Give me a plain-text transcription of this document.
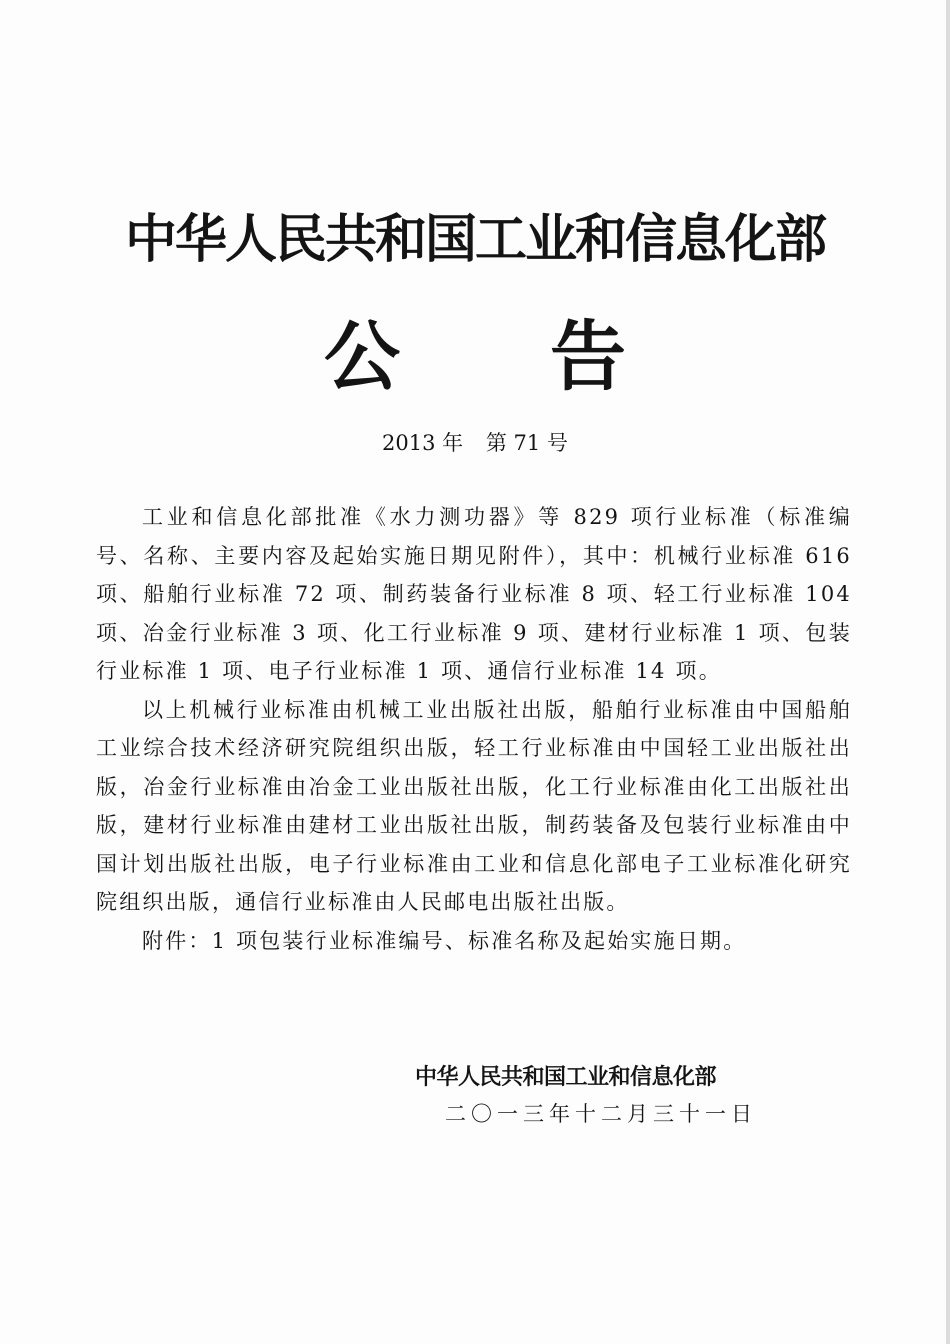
中华人民共和国工业和信息化部
公告
2013 年 第 71 号

工业和信息化部批准《水力测功器》等 829 项行业标准（标准编号、名称、主要内容及起始实施日期见附件），其中：机械行业标准 616 项、船舶行业标准 72 项、制药装备行业标准 8 项、轻工行业标准 104 项、冶金行业标准 3 项、化工行业标准 9 项、建材行业标准 1 项、包装行业标准 1 项、电子行业标准 1 项、通信行业标准 14 项。

以上机械行业标准由机械工业出版社出版，船舶行业标准由中国船舶工业综合技术经济研究院组织出版，轻工行业标准由中国轻工业出版社出版，冶金行业标准由冶金工业出版社出版，化工行业标准由化工出版社出版，建材行业标准由建材工业出版社出版，制药装备及包装行业标准由中国计划出版社出版，电子行业标准由工业和信息化部电子工业标准化研究院组织出版，通信行业标准由人民邮电出版社出版。

附件：1 项包装行业标准编号、标准名称及起始实施日期。

中华人民共和国工业和信息化部
二〇一三年十二月三十一日
